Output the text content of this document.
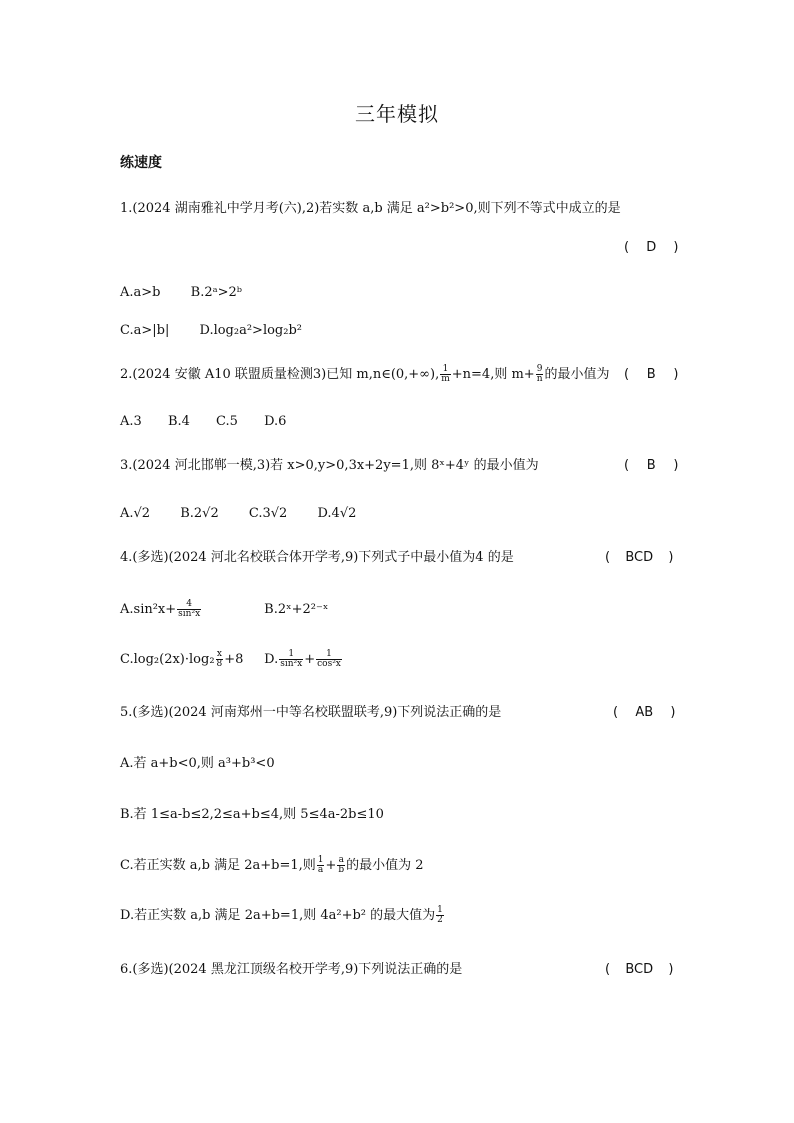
三年模拟
练速度
1.(2024 湖南雅礼中学月考(六),2)若实数 a,b 满足 a²>b²>0,则下列不等式中成立的是
( D )
A.a>b B.2ᵃ>2ᵇ
C.a>|b| D.log₂a²>log₂b²
2.(2024 安徽 A10 联盟质量检测3)已知 m,n∈(0,+∞), $\frac{1}{m} +n=4$,则 $m+ \frac{9}{n}$ 的最小值为 ( B )
A.3 B.4 C.5 D.6
3.(2024 河北邯郸一模,3)若 x>0,y>0,3x+2y=1,则 8ˣ+4ʸ 的最小值为	( B )
A.√2 B.2√2 C.3√2 D.4√2
4.(多选)(2024 河北名校联合体开学考,9)下列式子中最小值为4 的是	( BCD )
$A.\sin^2x+ \frac{4}{\text{sin²x}}$	B.2ˣ+2²⁻ˣ
$C.\log_2(2x)\cdot\log_2 \frac{x}{8} +8$ D. $\frac{1}{\text{sin²x}} + \frac{1}{\text{cos²x}}$
5.(多选)(2024 河南郑州一中等名校联盟联考,9)下列说法正确的是	( AB )
A.若 a+b<0,则 a³+b³<0
B.若 1≤a-b≤2,2≤a+b≤4,则 5≤4a-2b≤10
C.若正实数 a,b 满足 2a+b=1,则 $\frac{1}{a} + \frac{a}{b}$ 的最小值为 2
D.若正实数 a,b 满足 2a+b=1,则 4a²+b² 的最大值为 $\frac{1}{2}$
6.(多选)(2024 黑龙江顶级名校开学考,9)下列说法正确的是	( BCD )
